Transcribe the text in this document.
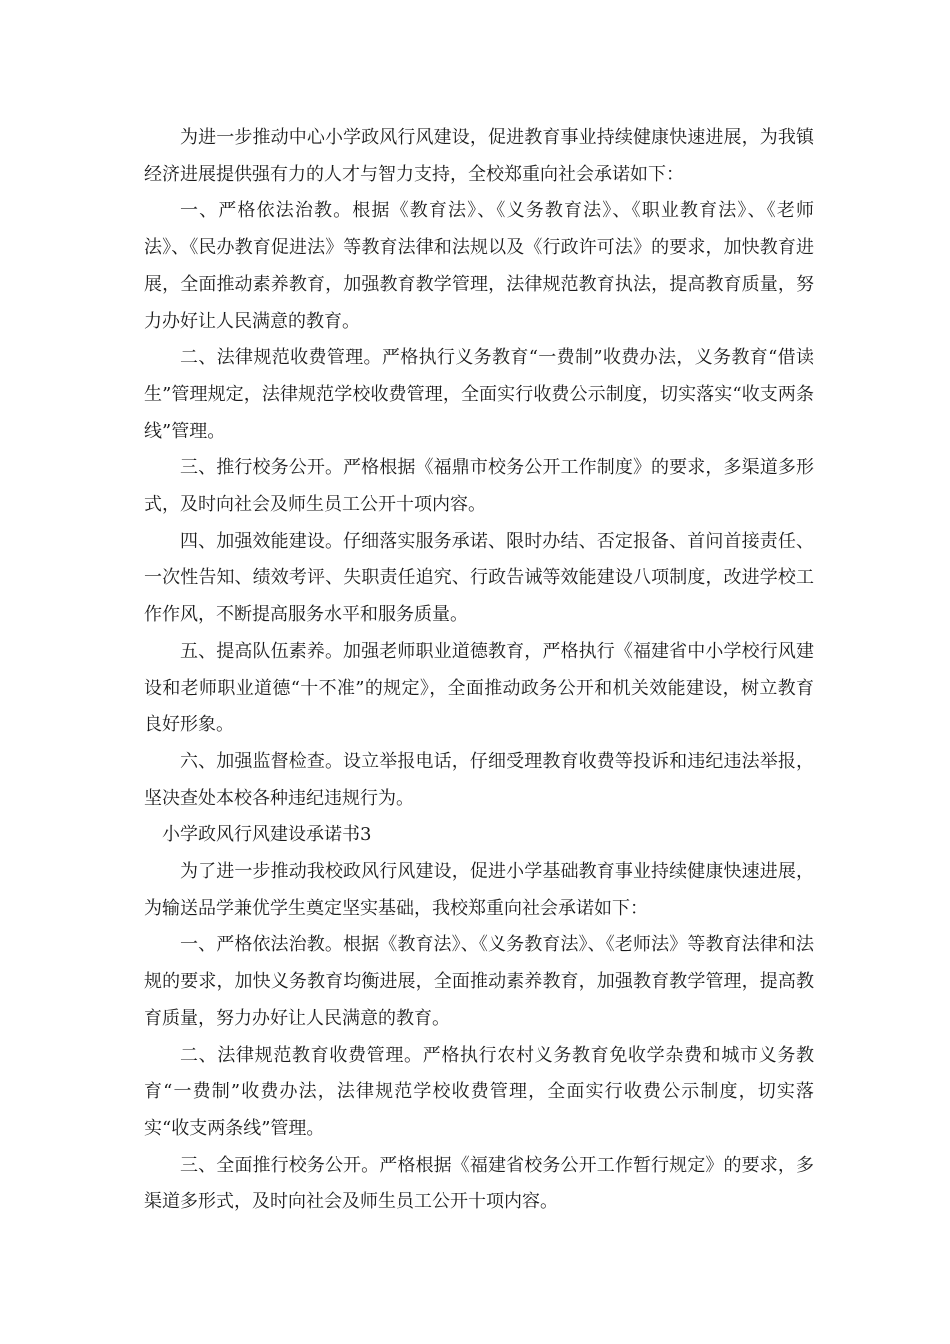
为进一步推动中心小学政风行风建设，促进教育事业持续健康快速进展，为我镇经济进展提供强有力的人才与智力支持，全校郑重向社会承诺如下：

一、严格依法治教。根据《教育法》、《义务教育法》、《职业教育法》、《老师法》、《民办教育促进法》等教育法律和法规以及《行政许可法》的要求，加快教育进展，全面推动素养教育，加强教育教学管理，法律规范教育执法，提高教育质量，努力办好让人民满意的教育。

二、法律规范收费管理。严格执行义务教育“一费制”收费办法，义务教育“借读生”管理规定，法律规范学校收费管理，全面实行收费公示制度，切实落实“收支两条线”管理。

三、推行校务公开。严格根据《福鼎市校务公开工作制度》的要求，多渠道多形式，及时向社会及师生员工公开十项内容。

四、加强效能建设。仔细落实服务承诺、限时办结、否定报备、首问首接责任、一次性告知、绩效考评、失职责任追究、行政告诫等效能建设八项制度，改进学校工作作风，不断提高服务水平和服务质量。

五、提高队伍素养。加强老师职业道德教育，严格执行《福建省中小学校行风建设和老师职业道德“十不准”的规定》，全面推动政务公开和机关效能建设，树立教育良好形象。

六、加强监督检查。设立举报电话，仔细受理教育收费等投诉和违纪违法举报，坚决查处本校各种违纪违规行为。

小学政风行风建设承诺书3

为了进一步推动我校政风行风建设，促进小学基础教育事业持续健康快速进展，为输送品学兼优学生奠定坚实基础，我校郑重向社会承诺如下：

一、严格依法治教。根据《教育法》、《义务教育法》、《老师法》等教育法律和法规的要求，加快义务教育均衡进展，全面推动素养教育，加强教育教学管理，提高教育质量，努力办好让人民满意的教育。

二、法律规范教育收费管理。严格执行农村义务教育免收学杂费和城市义务教育“一费制”收费办法，法律规范学校收费管理，全面实行收费公示制度，切实落实“收支两条线”管理。

三、全面推行校务公开。严格根据《福建省校务公开工作暂行规定》的要求，多渠道多形式，及时向社会及师生员工公开十项内容。
